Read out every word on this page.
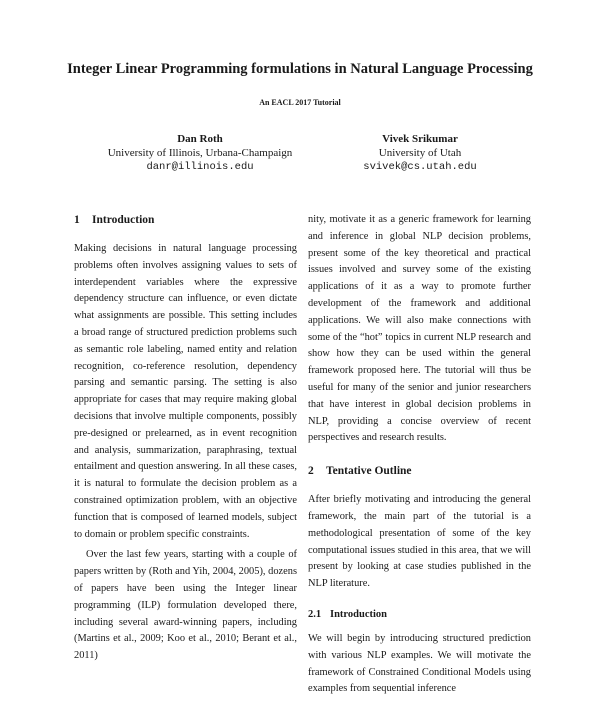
Integer Linear Programming formulations in Natural Language Processing
An EACL 2017 Tutorial
Dan Roth
University of Illinois, Urbana-Champaign
danr@illinois.edu
Vivek Srikumar
University of Utah
svivek@cs.utah.edu
1 Introduction

Making decisions in natural language processing problems often involves assigning values to sets of interdependent variables where the expressive dependency structure can influence, or even dictate what assignments are possible. This setting includes a broad range of structured prediction problems such as semantic role labeling, named entity and relation recognition, co-reference resolution, dependency parsing and semantic parsing. The setting is also appropriate for cases that may require making global decisions that involve multiple components, possibly pre-designed or prelearned, as in event recognition and analysis, summarization, paraphrasing, textual entailment and question answering. In all these cases, it is natural to formulate the decision problem as a constrained optimization problem, with an objective function that is composed of learned models, subject to domain or problem specific constraints.

Over the last few years, starting with a couple of papers written by (Roth and Yih, 2004, 2005), dozens of papers have been using the Integer linear programming (ILP) formulation developed there, including several award-winning papers, including (Martins et al., 2009; Koo et al., 2010; Berant et al., 2011)

nity, motivate it as a generic framework for learning and inference in global NLP decision problems, present some of the key theoretical and practical issues involved and survey some of the existing applications of it as a way to promote further development of the framework and additional applications. We will also make connections with some of the “hot” topics in current NLP research and show how they can be used within the general framework proposed here. The tutorial will thus be useful for many of the senior and junior researchers that have interest in global decision problems in NLP, providing a concise overview of recent perspectives and research results.

2 Tentative Outline

After briefly motivating and introducing the general framework, the main part of the tutorial is a methodological presentation of some of the key computational issues studied in this area, that we will present by looking at case studies published in the NLP literature.

2.1 Introduction

We will begin by introducing structured prediction with various NLP examples. We will motivate the framework of Constrained Conditional Models using examples from sequential inference
